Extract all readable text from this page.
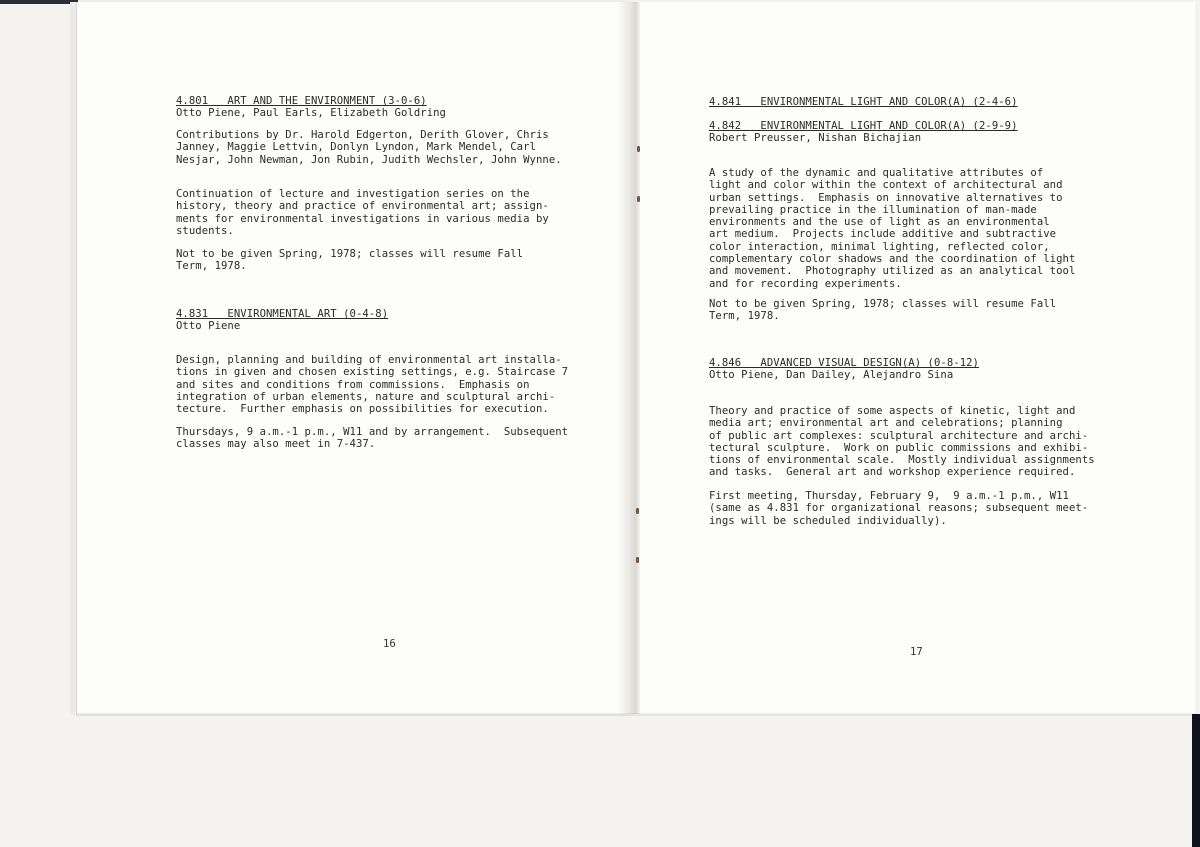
4.801   ART AND THE ENVIRONMENT (3-0-6)
Otto Piene, Paul Earls, Elizabeth Goldring
Contributions by Dr. Harold Edgerton, Derith Glover, Chris
Janney, Maggie Lettvin, Donlyn Lyndon, Mark Mendel, Carl
Nesjar, John Newman, Jon Rubin, Judith Wechsler, John Wynne.
Continuation of lecture and investigation series on the
history, theory and practice of environmental art; assign-
ments for environmental investigations in various media by
students.
Not to be given Spring, 1978; classes will resume Fall
Term, 1978.
4.831   ENVIRONMENTAL ART (0-4-8)
Otto Piene
Design, planning and building of environmental art installa-
tions in given and chosen existing settings, e.g. Staircase 7
and sites and conditions from commissions.  Emphasis on
integration of urban elements, nature and sculptural archi-
tecture.  Further emphasis on possibilities for execution.
Thursdays, 9 a.m.-1 p.m., W11 and by arrangement.  Subsequent
classes may also meet in 7-437.
16
4.841   ENVIRONMENTAL LIGHT AND COLOR(A) (2-4-6)
4.842   ENVIRONMENTAL LIGHT AND COLOR(A) (2-9-9)
Robert Preusser, Nishan Bichajian
A study of the dynamic and qualitative attributes of
light and color within the context of architectural and
urban settings.  Emphasis on innovative alternatives to
prevailing practice in the illumination of man-made
environments and the use of light as an environmental
art medium.  Projects include additive and subtractive
color interaction, minimal lighting, reflected color,
complementary color shadows and the coordination of light
and movement.  Photography utilized as an analytical tool
and for recording experiments.
Not to be given Spring, 1978; classes will resume Fall
Term, 1978.
4.846   ADVANCED VISUAL DESIGN(A) (0-8-12)
Otto Piene, Dan Dailey, Alejandro Sina
Theory and practice of some aspects of kinetic, light and
media art; environmental art and celebrations; planning
of public art complexes: sculptural architecture and archi-
tectural sculpture.  Work on public commissions and exhibi-
tions of environmental scale.  Mostly individual assignments
and tasks.  General art and workshop experience required.
First meeting, Thursday, February 9,  9 a.m.-1 p.m., W11
(same as 4.831 for organizational reasons; subsequent meet-
ings will be scheduled individually).
17
